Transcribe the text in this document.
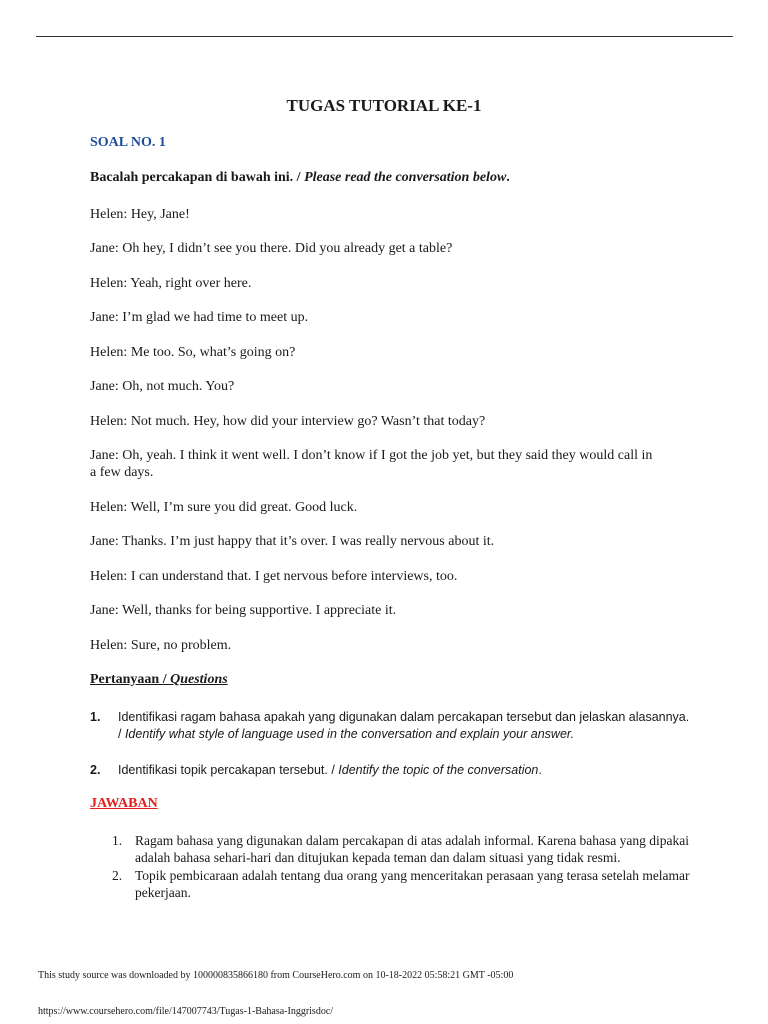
TUGAS TUTORIAL KE-1
SOAL NO. 1
Bacalah percakapan di bawah ini. / Please read the conversation below.
Helen: Hey, Jane!
Jane: Oh hey, I didn’t see you there. Did you already get a table?
Helen: Yeah, right over here.
Jane: I’m glad we had time to meet up.
Helen: Me too. So, what’s going on?
Jane: Oh, not much. You?
Helen: Not much. Hey, how did your interview go? Wasn’t that today?
Jane: Oh, yeah. I think it went well. I don’t know if I got the job yet, but they said they would call in a few days.
Helen: Well, I’m sure you did great. Good luck.
Jane: Thanks. I’m just happy that it’s over. I was really nervous about it.
Helen: I can understand that. I get nervous before interviews, too.
Jane: Well, thanks for being supportive. I appreciate it.
Helen: Sure, no problem.
Pertanyaan / Questions
1. Identifikasi ragam bahasa apakah yang digunakan dalam percakapan tersebut dan jelaskan alasannya. / Identify what style of language used in the conversation and explain your answer.
2. Identifikasi topik percakapan tersebut. / Identify the topic of the conversation.
JAWABAN
1. Ragam bahasa yang digunakan dalam percakapan di atas adalah informal. Karena bahasa yang dipakai adalah bahasa sehari-hari dan ditujukan kepada teman dan dalam situasi yang tidak resmi.
2. Topik pembicaraan adalah tentang dua orang yang menceritakan perasaan yang terasa setelah melamar pekerjaan.
This study source was downloaded by 100000835866180 from CourseHero.com on 10-18-2022 05:58:21 GMT -05:00
https://www.coursehero.com/file/147007743/Tugas-1-Bahasa-Inggrisdoc/
